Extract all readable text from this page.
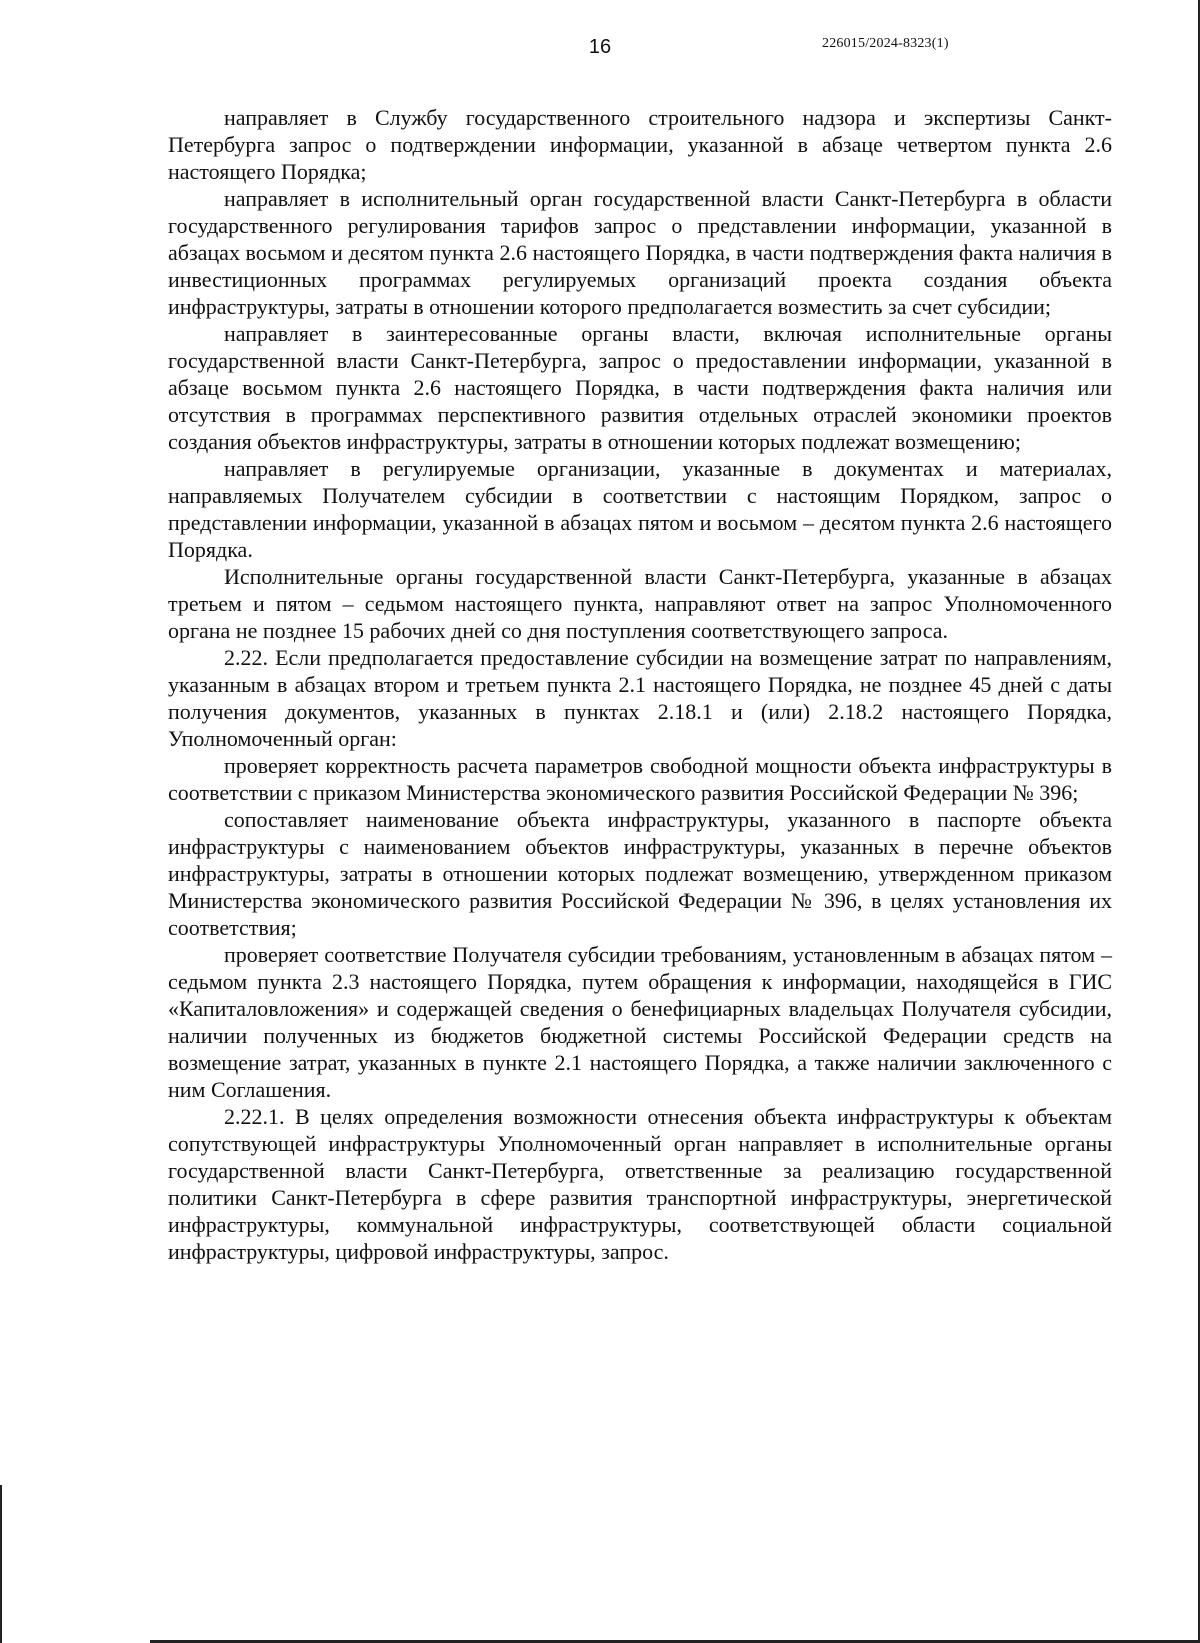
16	226015/2024-8323(1)

направляет в Службу государственного строительного надзора и экспертизы Санкт-Петербурга запрос о подтверждении информации, указанной в абзаце четвертом пункта 2.6 настоящего Порядка;

направляет в исполнительный орган государственной власти Санкт-Петербурга в области государственного регулирования тарифов запрос о представлении информации, указанной в абзацах восьмом и десятом пункта 2.6 настоящего Порядка, в части подтверждения факта наличия в инвестиционных программах регулируемых организаций проекта создания объекта инфраструктуры, затраты в отношении которого предполагается возместить за счет субсидии;

направляет в заинтересованные органы власти, включая исполнительные органы государственной власти Санкт-Петербурга, запрос о предоставлении информации, указанной в абзаце восьмом пункта 2.6 настоящего Порядка, в части подтверждения факта наличия или отсутствия в программах перспективного развития отдельных отраслей экономики проектов создания объектов инфраструктуры, затраты в отношении которых подлежат возмещению;

направляет в регулируемые организации, указанные в документах и материалах, направляемых Получателем субсидии в соответствии с настоящим Порядком, запрос о представлении информации, указанной в абзацах пятом и восьмом – десятом пункта 2.6 настоящего Порядка.

Исполнительные органы государственной власти Санкт-Петербурга, указанные в абзацах третьем и пятом – седьмом настоящего пункта, направляют ответ на запрос Уполномоченного органа не позднее 15 рабочих дней со дня поступления соответствующего запроса.

2.22. Если предполагается предоставление субсидии на возмещение затрат по направлениям, указанным в абзацах втором и третьем пункта 2.1 настоящего Порядка, не позднее 45 дней с даты получения документов, указанных в пунктах 2.18.1 и (или) 2.18.2 настоящего Порядка, Уполномоченный орган:

проверяет корректность расчета параметров свободной мощности объекта инфраструктуры в соответствии с приказом Министерства экономического развития Российской Федерации № 396;

сопоставляет наименование объекта инфраструктуры, указанного в паспорте объекта инфраструктуры с наименованием объектов инфраструктуры, указанных в перечне объектов инфраструктуры, затраты в отношении которых подлежат возмещению, утвержденном приказом Министерства экономического развития Российской Федерации № 396, в целях установления их соответствия;

проверяет соответствие Получателя субсидии требованиям, установленным в абзацах пятом – седьмом пункта 2.3 настоящего Порядка, путем обращения к информации, находящейся в ГИС «Капиталовложения» и содержащей сведения о бенефициарных владельцах Получателя субсидии, наличии полученных из бюджетов бюджетной системы Российской Федерации средств на возмещение затрат, указанных в пункте 2.1 настоящего Порядка, а также наличии заключенного с ним Соглашения.

2.22.1. В целях определения возможности отнесения объекта инфраструктуры к объектам сопутствующей инфраструктуры Уполномоченный орган направляет в исполнительные органы государственной власти Санкт-Петербурга, ответственные за реализацию государственной политики Санкт-Петербурга в сфере развития транспортной инфраструктуры, энергетической инфраструктуры, коммунальной инфраструктуры, соответствующей области социальной инфраструктуры, цифровой инфраструктуры, запрос.
